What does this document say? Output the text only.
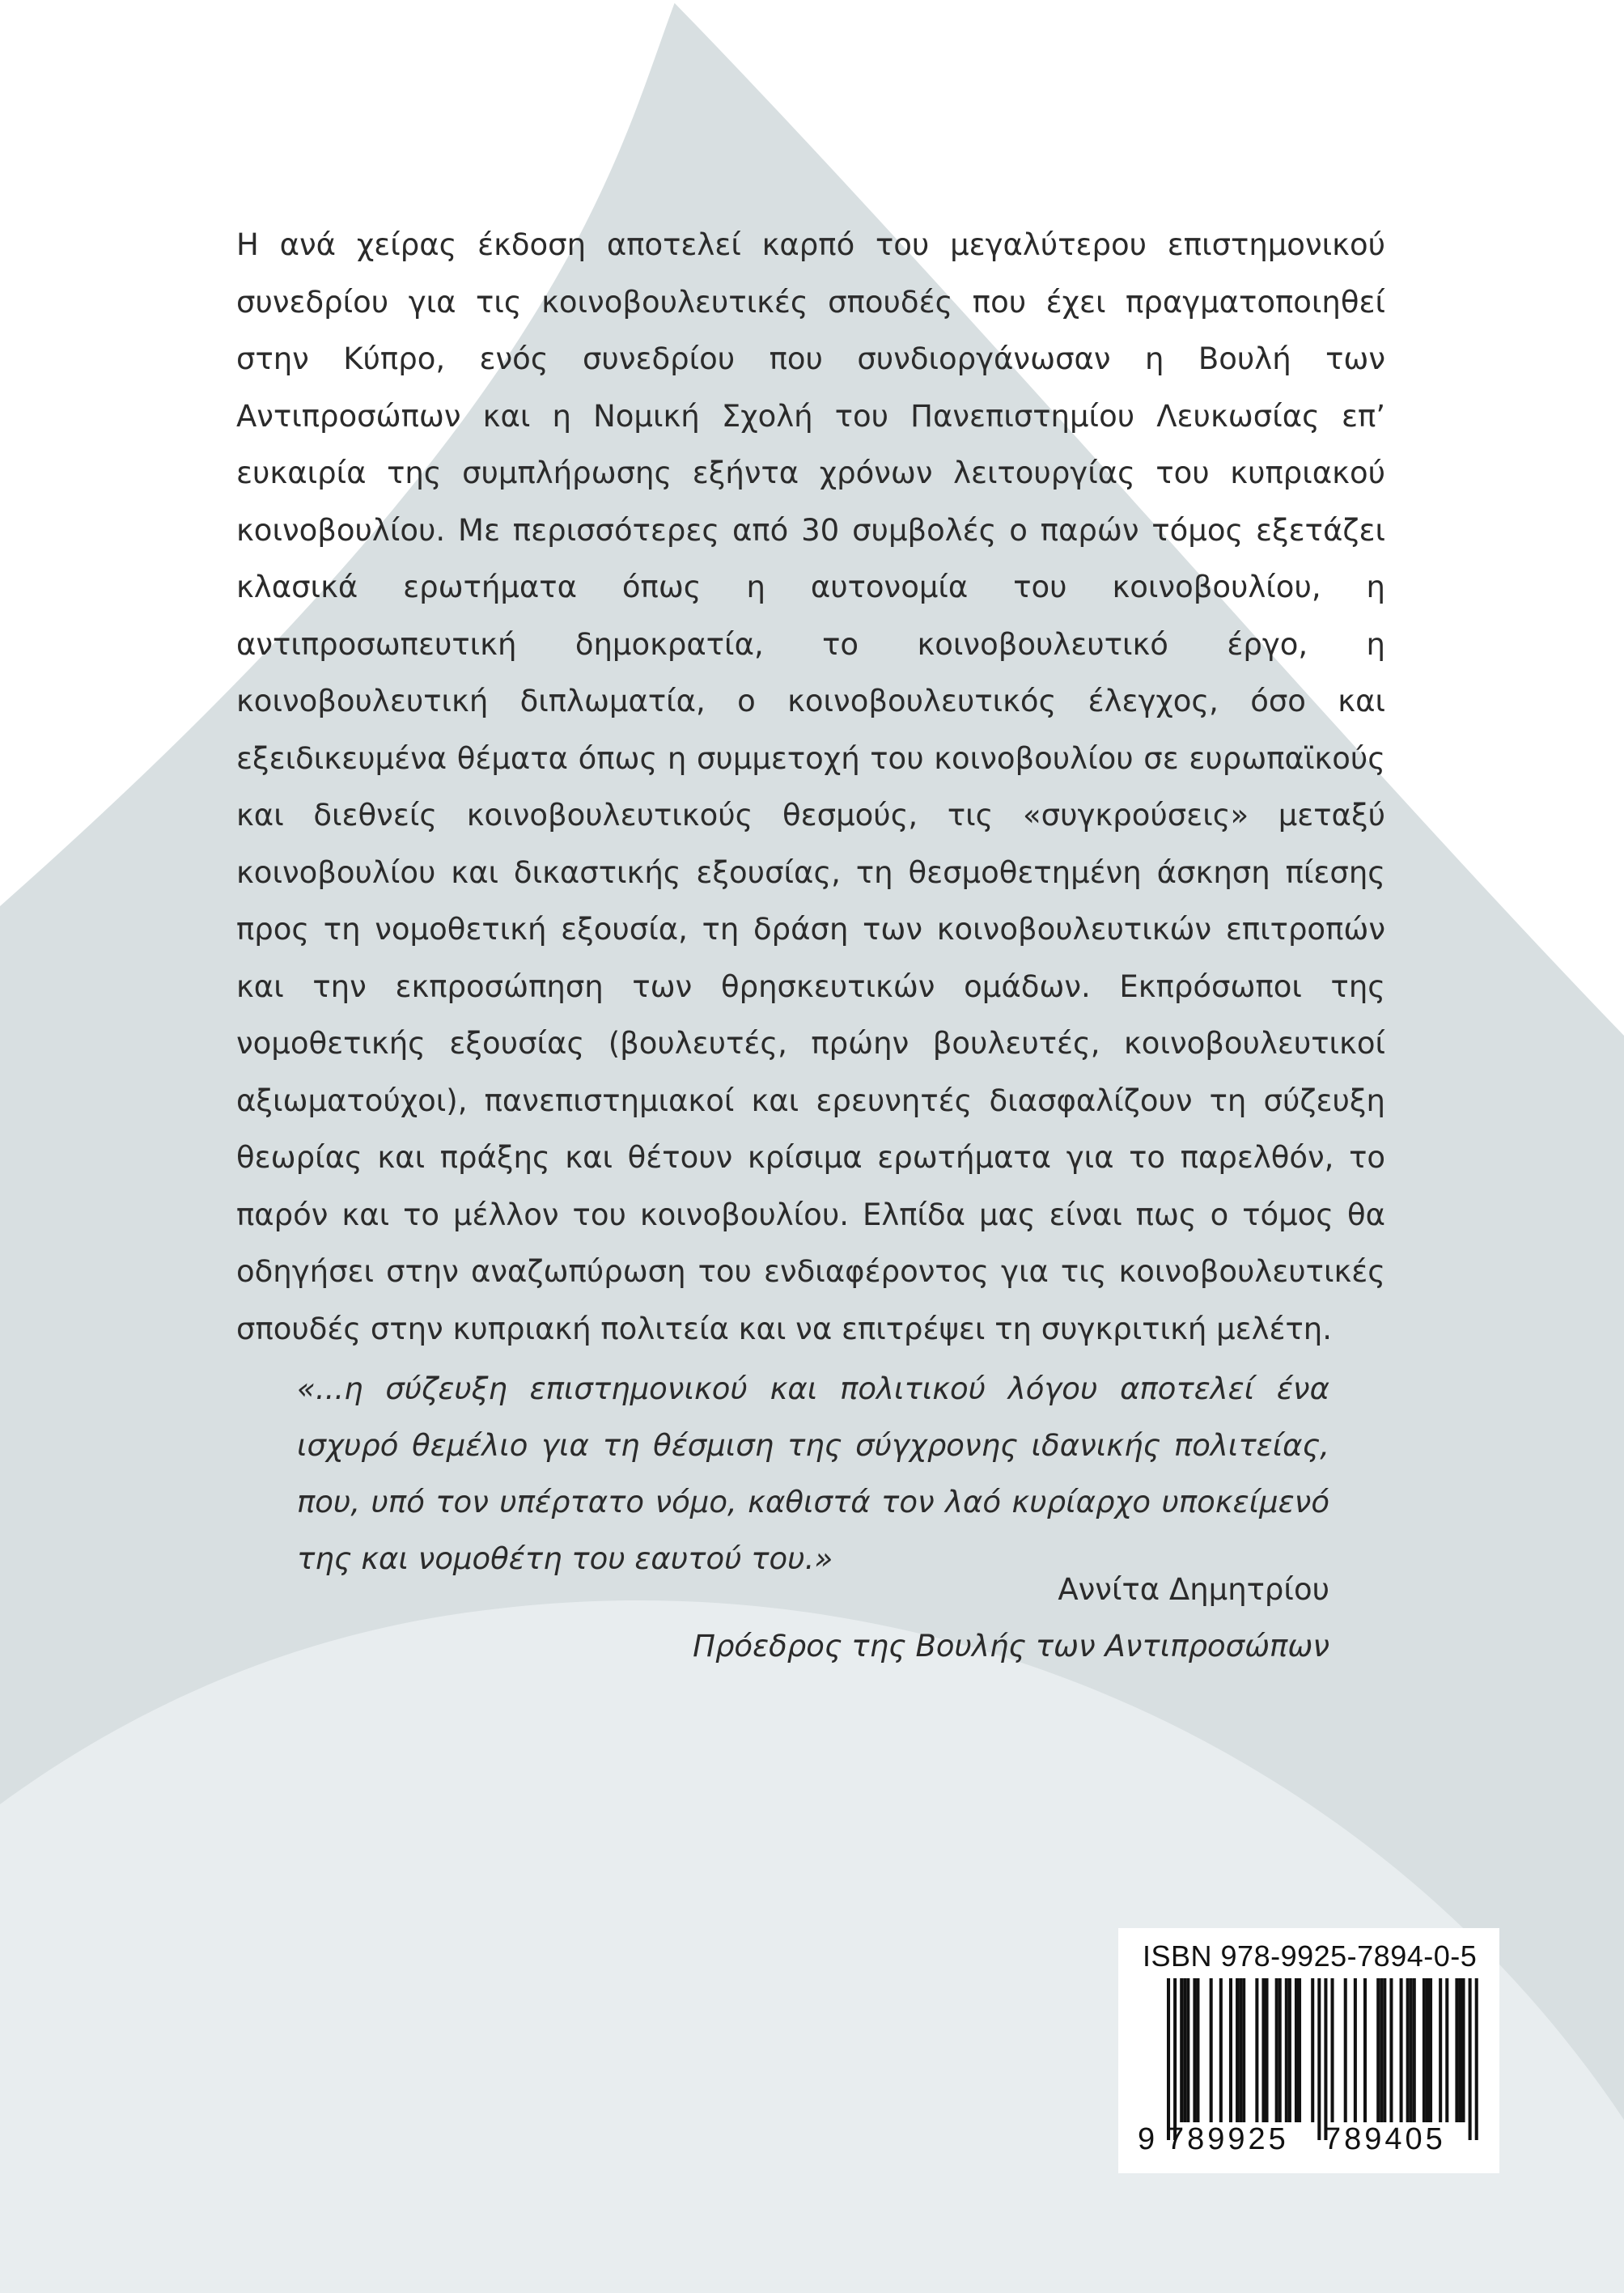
Η ανά χείρας έκδοση αποτελεί καρπό του μεγαλύτερου επιστημονικού συνεδρίου για τις κοινοβουλευτικές σπουδές που έχει πραγματοποιηθεί στην Κύπρο, ενός συνεδρίου που συνδιοργάνωσαν η Βουλή των Αντιπροσώπων και η Νομική Σχολή του Πανεπιστημίου Λευκωσίας επ’ ευκαιρία της συμπλήρωσης εξήντα χρόνων λειτουργίας του κυπριακού κοινοβουλίου. Με περισσότερες από 30 συμβολές ο παρών τόμος εξετάζει κλασικά ερωτήματα όπως η αυτονομία του κοινοβουλίου, η αντιπροσωπευτική δημοκρατία, το κοινοβουλευτικό έργο, η κοινοβουλευτική διπλωματία, ο κοινοβουλευτικός έλεγχος, όσο και εξειδικευμένα θέματα όπως η συμμετοχή του κοινοβουλίου σε ευρωπαϊκούς και διεθνείς κοινοβουλευτικούς θεσμούς, τις «συγκρούσεις» μεταξύ κοινοβουλίου και δικαστικής εξουσίας, τη θεσμοθετημένη άσκηση πίεσης προς τη νομοθετική εξουσία, τη δράση των κοινοβουλευτικών επιτροπών και την εκπροσώπηση των θρησκευτικών ομάδων. Εκπρόσωποι της νομοθετικής εξουσίας (βουλευτές, πρώην βουλευτές, κοινοβουλευτικοί αξιωματούχοι), πανεπιστημιακοί και ερευνητές διασφαλίζουν τη σύζευξη θεωρίας και πράξης και θέτουν κρίσιμα ερωτήματα για το παρελθόν, το παρόν και το μέλλον του κοινοβουλίου. Ελπίδα μας είναι πως ο τόμος θα οδηγήσει στην αναζωπύρωση του ενδιαφέροντος για τις κοινοβουλευτικές σπουδές στην κυπριακή πολιτεία και να επιτρέψει τη συγκριτική μελέτη.

«...η σύζευξη επιστημονικού και πολιτικού λόγου αποτελεί ένα ισχυρό θεμέλιο για τη θέσμιση της σύγχρονης ιδανικής πολιτείας, που, υπό τον υπέρτατο νόμο, καθιστά τον λαό κυρίαρχο υποκείμενό της και νομοθέτη του εαυτού του.»

Αννίτα Δημητρίου

Πρόεδρος της Βουλής των Αντιπροσώπων

ISBN 978-9925-7894-0-5
9 789925	789405
